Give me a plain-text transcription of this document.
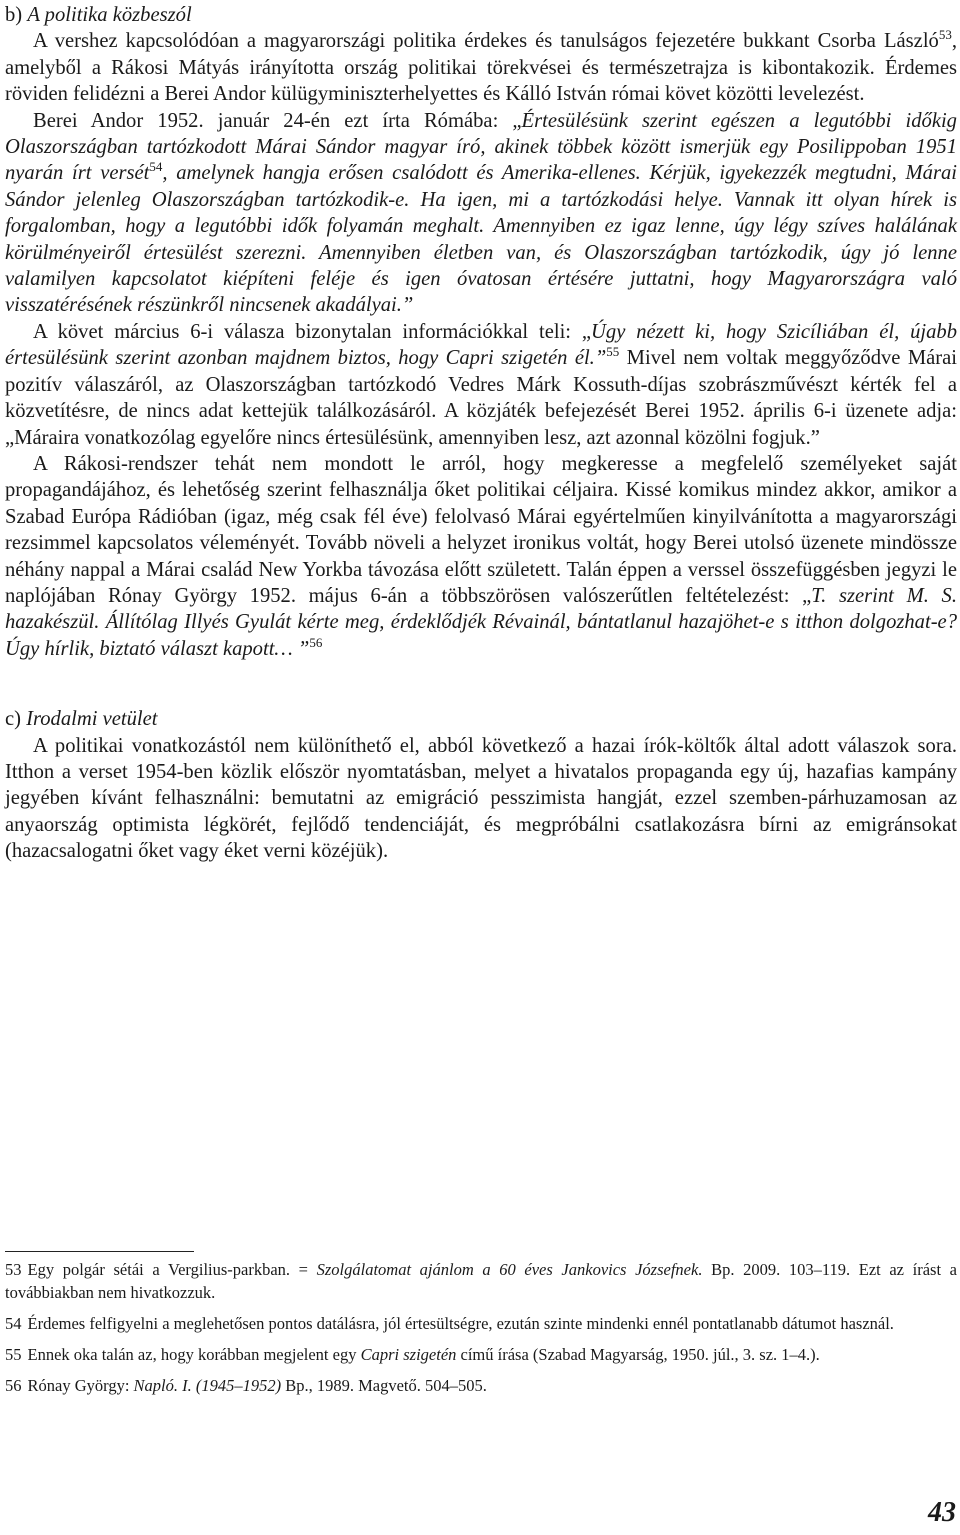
b) A politika közbeszól

A vershez kapcsolódóan a magyarországi politika érdekes és tanulságos fejezetére bukkant Csorba László$^{53}$, amelyből a Rákosi Mátyás irányította ország politikai törekvései és természetrajza is kibontakozik. Érdemes röviden felidézni a Berei Andor külügyminiszterhelyettes és Kálló István római követ közötti levelezést.

Berei Andor 1952. január 24-én ezt írta Rómába: „Értesülésünk szerint egészen a legutóbbi időkig Olaszországban tartózkodott Márai Sándor magyar író, akinek többek között ismerjük egy Posilippoban 1951 nyarán írt versét$^{54}$, amelynek hangja erősen csalódott és Amerika-ellenes. Kérjük, igyekezzék megtudni, Márai Sándor jelenleg Olaszországban tartózkodik-e. Ha igen, mi a tartózkodási helye. Vannak itt olyan hírek is forgalomban, hogy a legutóbbi idők folyamán meghalt. Amennyiben ez igaz lenne, úgy légy szíves halálának körülményeiről értesülést szerezni. Amennyiben életben van, és Olaszországban tartózkodik, úgy jó lenne valamilyen kapcsolatot kiépíteni feléje és igen óvatosan értésére juttatni, hogy Magyarországra való visszatérésének részünkről nincsenek akadályai.”

A követ március 6-i válasza bizonytalan információkkal teli: „Úgy nézett ki, hogy Szicíliában él, újabb értesülésünk szerint azonban majdnem biztos, hogy Capri szigetén él.”$^{55}$ Mivel nem voltak meggyőződve Márai pozitív válaszáról, az Olaszországban tartózkodó Vedres Márk Kossuth-díjas szobrászművészt kérték fel a közvetítésre, de nincs adat kettejük találkozásáról. A közjáték befejezését Berei 1952. április 6-i üzenete adja: „Máraira vonatkozólag egyelőre nincs értesülésünk, amennyiben lesz, azt azonnal közölni fogjuk.”

A Rákosi-rendszer tehát nem mondott le arról, hogy megkeresse a megfelelő személyeket saját propagandájához, és lehetőség szerint felhasználja őket politikai céljaira. Kissé komikus mindez akkor, amikor a Szabad Európa Rádióban (igaz, még csak fél éve) felolvasó Márai egyértelműen kinyilvánította a magyarországi rezsimmel kapcsolatos véleményét. Tovább növeli a helyzet ironikus voltát, hogy Berei utolsó üzenete mindössze néhány nappal a Márai család New Yorkba távozása előtt született. Talán éppen a verssel összefüggésben jegyzi le naplójában Rónay György 1952. május 6-án a többszörösen valószerűtlen feltételezést: „T. szerint M. S. hazakészül. Állítólag Illyés Gyulát kérte meg, érdeklődjék Révainál, bántatlanul hazajöhet-e s itthon dolgozhat-e? Úgy hírlik, biztató választ kapott… ”$^{56}$

c) Irodalmi vetület

A politikai vonatkozástól nem különíthető el, abból következő a hazai írók-költők által adott válaszok sora. Itthon a verset 1954-ben közlik először nyomtatásban, melyet a hivatalos propaganda egy új, hazafias kampány jegyében kívánt felhasználni: bemutatni az emigráció pesszimista hangját, ezzel szemben-párhuzamosan az anyaország optimista légkörét, fejlődő tendenciáját, és megpróbálni csatlakozásra bírni az emigránsokat (hazacsalogatni őket vagy éket verni közéjük).

53 Egy polgár sétái a Vergilius-parkban. = Szolgálatomat ajánlom a 60 éves Jankovics Józsefnek. Bp. 2009. 103–119. Ezt az írást a továbbiakban nem hivatkozzuk.

54 Érdemes felfigyelni a meglehetősen pontos datálásra, jól értesültségre, ezután szinte mindenki ennél pontatlanabb dátumot használ.

55 Ennek oka talán az, hogy korábban megjelent egy Capri szigetén című írása (Szabad Magyarság, 1950. júl., 3. sz. 1–4.).

56 Rónay György: Napló. I. (1945–1952) Bp., 1989. Magvető. 504–505.

43
